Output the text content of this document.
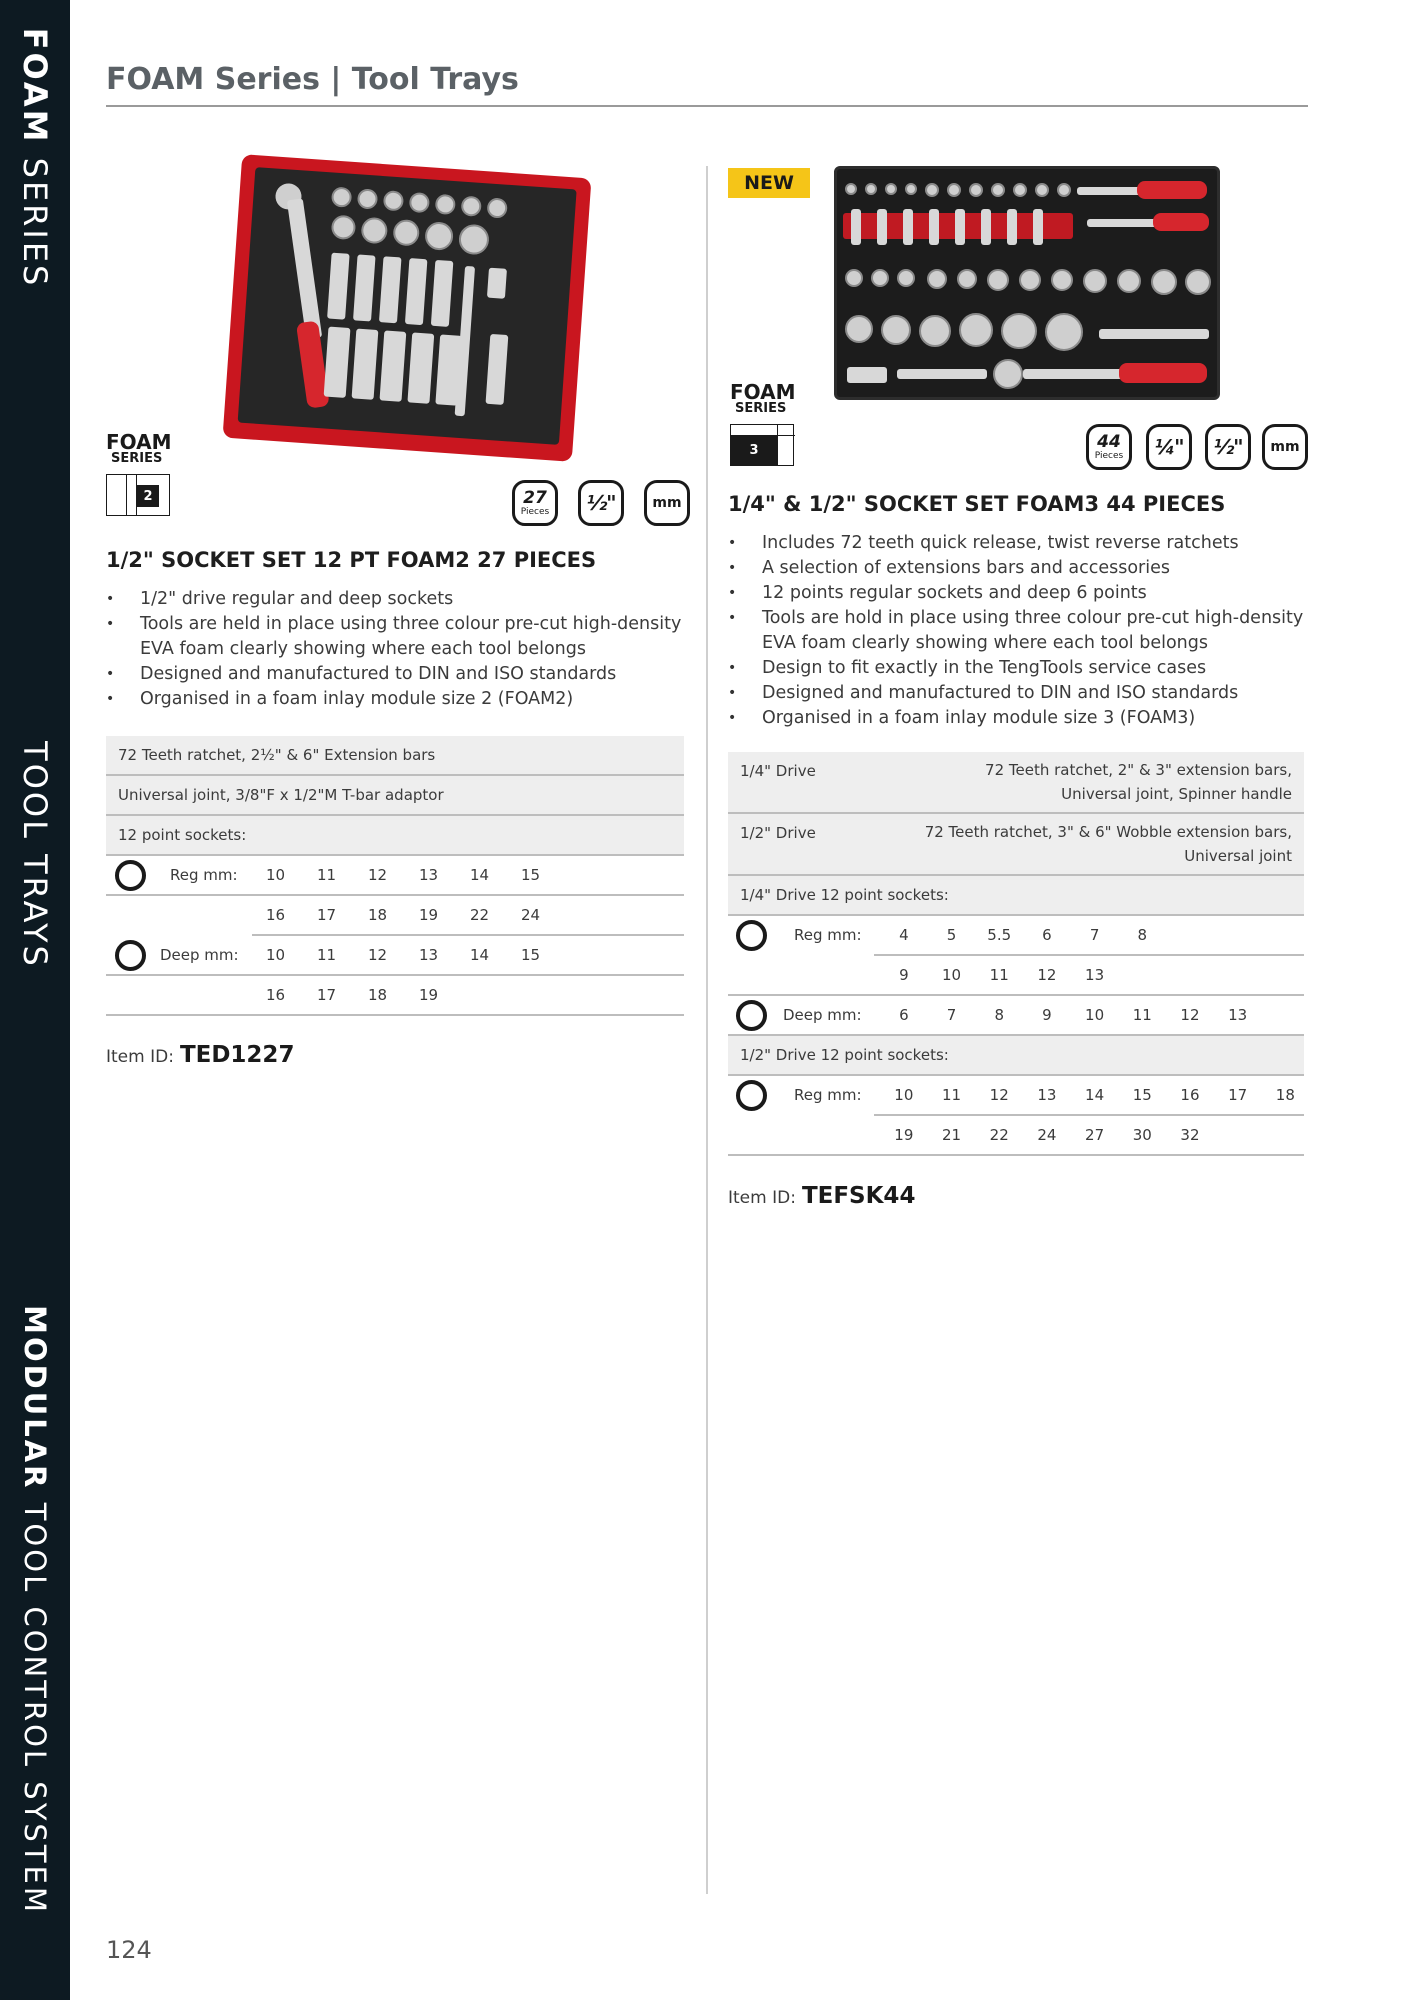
FOAM SERIES
TOOL TRAYS
MODULAR TOOL CONTROL SYSTEM
FOAM Series | Tool Trays
FOAM
SERIES
2	27
Pieces ½"	mm
1/2" SOCKET SET 12 PT FOAM2 27 PIECES
• 1/2" drive regular and deep sockets
• Tools are held in place using three colour pre-cut high-density EVA foam clearly showing where each tool belongs
• Designed and manufactured to DIN and ISO standards
• Organised in a foam inlay module size 2 (FOAM2)
72 Teeth ratchet, 2½" & 6" Extension bars
Universal joint, 3/8"F x 1/2"M T-bar adaptor
12 point sockets:
Reg mm:	10	11	12	13	14	15
16	17	18	19	22	24
Deep mm:	10	11	12	13	14	15
16	17	18	19
Item ID: TED1227
NEW
FOAM
SERIES
3	44
Pieces ¼" ½" mm
1/4" & 1/2" SOCKET SET FOAM3 44 PIECES
• Includes 72 teeth quick release, twist reverse ratchets
• A selection of extensions bars and accessories
• 12 points regular sockets and deep 6 points
• Tools are hold in place using three colour pre-cut high-density EVA foam clearly showing where each tool belongs
• Design to fit exactly in the TengTools service cases
• Designed and manufactured to DIN and ISO standards
• Organised in a foam inlay module size 3 (FOAM3)
1/4" Drive	72 Teeth ratchet, 2" & 3" extension bars,
Universal joint, Spinner handle
1/2" Drive	72 Teeth ratchet, 3" & 6" Wobble extension bars,
Universal joint
1/4" Drive 12 point sockets:
Reg mm:	4	5	5.5	6	7	8
9	10	11	12	13
Deep mm:	6	7	8	9	10	11	12	13
1/2" Drive 12 point sockets:
Reg mm:	10	11	12	13	14	15	16	17	18
19	21	22	24	27	30	32
Item ID: TEFSK44
124
